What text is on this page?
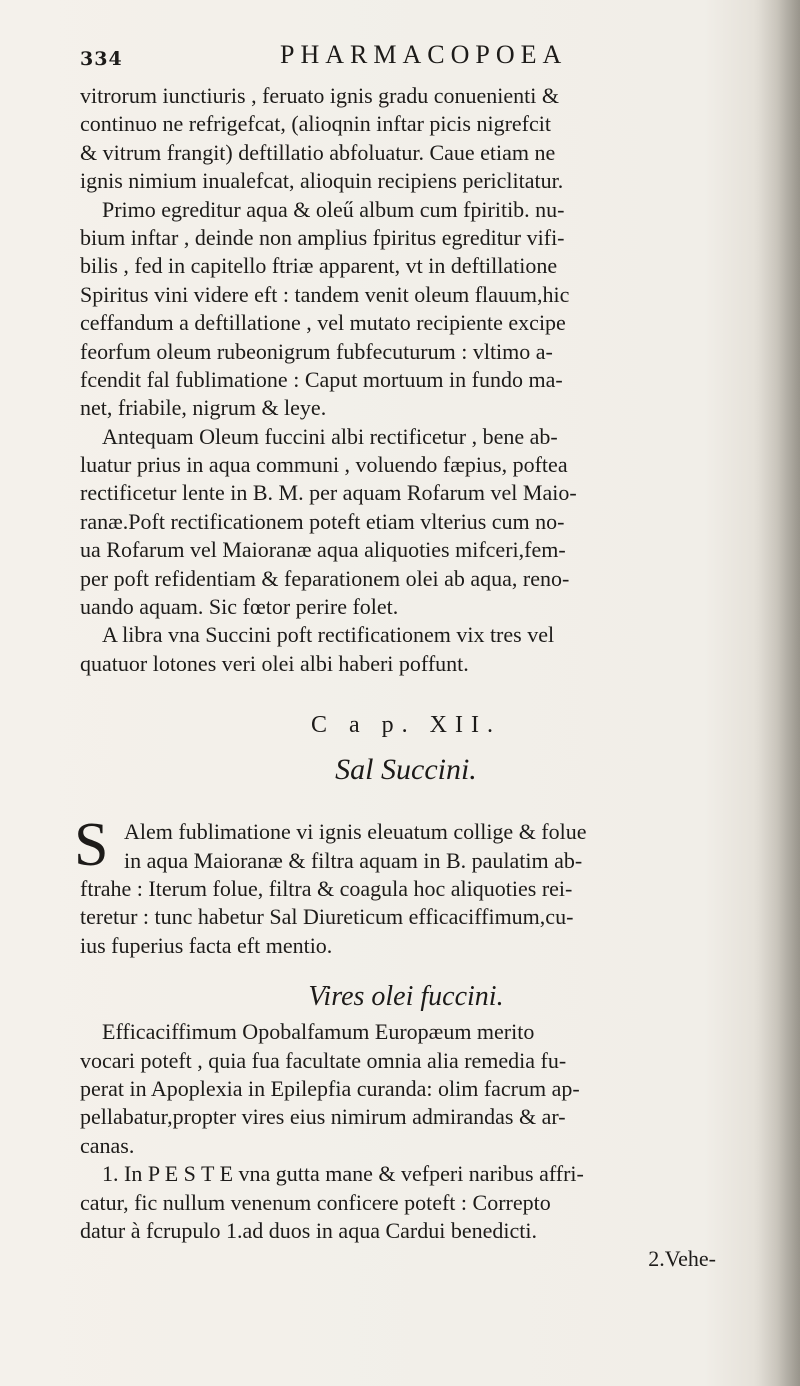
334	PHARMACOPOEA
vitrorum iunctiuris , feruato ignis gradu conuenienti &
continuo ne refrigefcat, (alioqnin inftar picis nigrefcit
& vitrum frangit) deftillatio abfoluatur. Caue etiam ne
ignis nimium inualefcat, alioquin recipiens periclitatur.
Primo egreditur aqua & oleű album cum fpiritib. nu-
bium inftar , deinde non amplius fpiritus egreditur vifi-
bilis , fed in capitello ftriæ apparent, vt in deftillatione
Spiritus vini videre eft : tandem venit oleum flauum,hic
ceffandum a deftillatione , vel mutato recipiente excipe
feorfum oleum rubeonigrum fubfecuturum : vltimo a-
fcendit fal fublimatione : Caput mortuum in fundo ma-
net, friabile, nigrum & leye.
Antequam Oleum fuccini albi rectificetur , bene ab-
luatur prius in aqua communi , voluendo fæpius, poftea
rectificetur lente in B. M. per aquam Rofarum vel Maio-
ranæ.Poft rectificationem poteft etiam vlterius cum no-
ua Rofarum vel Maioranæ aqua aliquoties mifceri,fem-
per poft refidentiam & feparationem olei ab aqua, reno-
uando aquam. Sic fœtor perire folet.
A libra vna Succini poft rectificationem vix tres vel
quatuor lotones veri olei albi haberi poffunt.
C a p. XII.
Sal Succini.
S Alem fublimatione vi ignis eleuatum collige & folue
in aqua Maioranæ & filtra aquam in B. paulatim ab-
ftrahe : Iterum folue, filtra & coagula hoc aliquoties rei-
teretur : tunc habetur Sal Diureticum efficaciffimum,cu-
ius fuperius facta eft mentio.
Vires olei fuccini.
Efficaciffimum Opobalfamum Europæum merito
vocari poteft , quia fua facultate omnia alia remedia fu-
perat in Apoplexia in Epilepfia curanda: olim facrum ap-
pellabatur,propter vires eius nimirum admirandas & ar-
canas.
1. In P E S T E vna gutta mane & vefperi naribus affri-
catur, fic nullum venenum conficere poteft : Correpto
datur à fcrupulo 1.ad duos in aqua Cardui benedicti.
2.Vehe-
